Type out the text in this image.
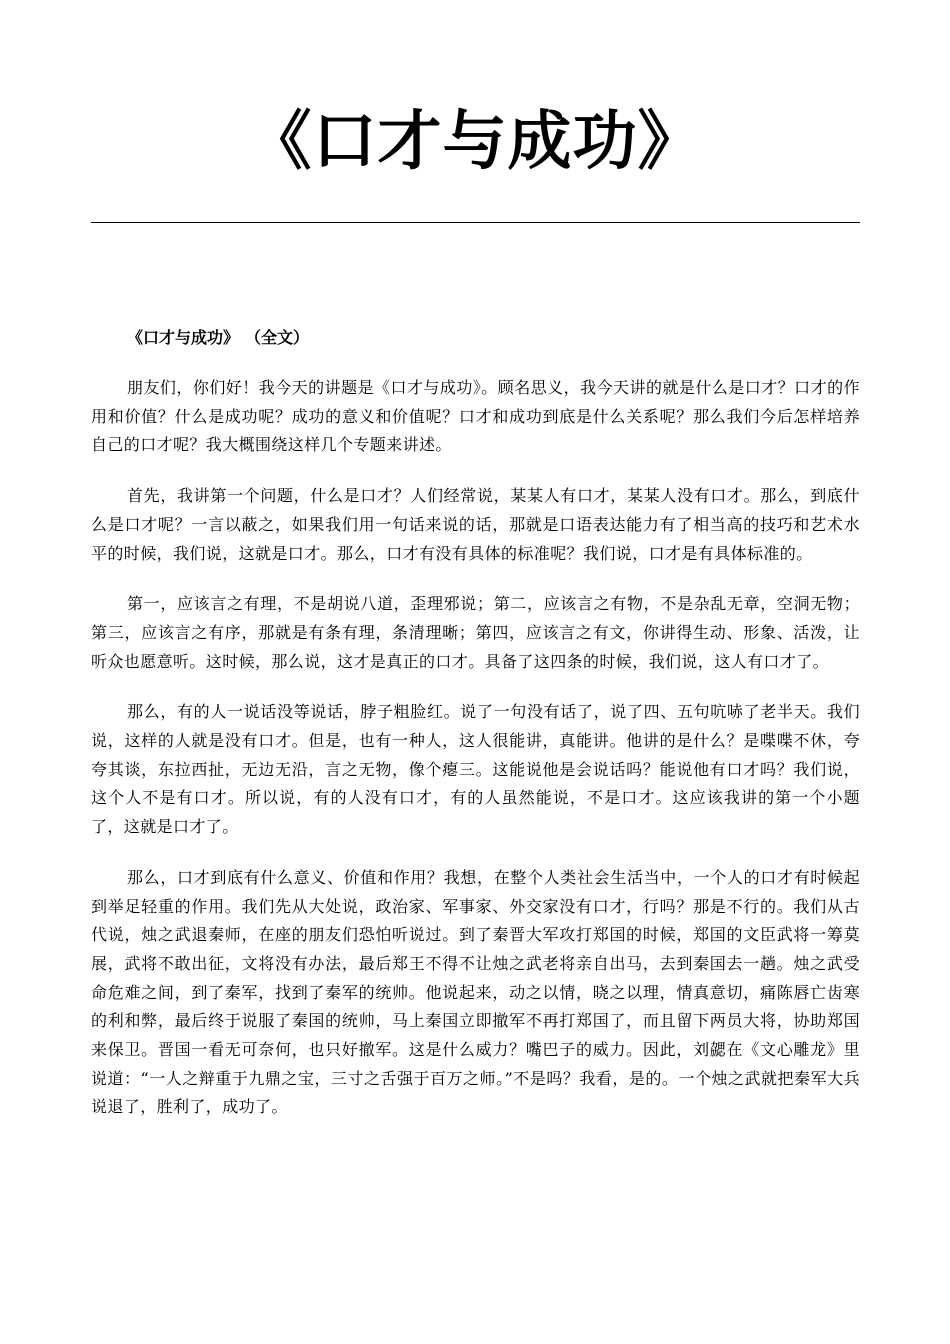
《口才与成功》
《口才与成功》 （全文）

朋友们，你们好！我今天的讲题是《口才与成功》。顾名思义，我今天讲的就是什么是口才？口才的作用和价值？什么是成功呢？成功的意义和价值呢？口才和成功到底是什么关系呢？那么我们今后怎样培养自己的口才呢？我大概围绕这样几个专题来讲述。

首先，我讲第一个问题，什么是口才？人们经常说，某某人有口才，某某人没有口才。那么，到底什么是口才呢？一言以蔽之，如果我们用一句话来说的话，那就是口语表达能力有了相当高的技巧和艺术水平的时候，我们说，这就是口才。那么，口才有没有具体的标准呢？我们说，口才是有具体标准的。

第一，应该言之有理，不是胡说八道，歪理邪说；第二，应该言之有物，不是杂乱无章，空洞无物；第三，应该言之有序，那就是有条有理，条清理晰；第四，应该言之有文，你讲得生动、形象、活泼，让听众也愿意听。这时候，那么说，这才是真正的口才。具备了这四条的时候，我们说，这人有口才了。

那么，有的人一说话没等说话，脖子粗脸红。说了一句没有话了，说了四、五句吭哧了老半天。我们说，这样的人就是没有口才。但是，也有一种人，这人很能讲，真能讲。他讲的是什么？是喋喋不休，夸夸其谈，东拉西扯，无边无沿，言之无物，像个瘪三。这能说他是会说话吗？能说他有口才吗？我们说，这个人不是有口才。所以说，有的人没有口才，有的人虽然能说，不是口才。这应该我讲的第一个小题了，这就是口才了。

那么，口才到底有什么意义、价值和作用？我想，在整个人类社会生活当中，一个人的口才有时候起到举足轻重的作用。我们先从大处说，政治家、军事家、外交家没有口才，行吗？那是不行的。我们从古代说，烛之武退秦师，在座的朋友们恐怕听说过。到了秦晋大军攻打郑国的时候，郑国的文臣武将一筹莫展，武将不敢出征，文将没有办法，最后郑王不得不让烛之武老将亲自出马，去到秦国去一趟。烛之武受命危难之间，到了秦军，找到了秦军的统帅。他说起来，动之以情，晓之以理，情真意切，痛陈唇亡齿寒的利和弊，最后终于说服了秦国的统帅，马上秦国立即撤军不再打郑国了，而且留下两员大将，协助郑国来保卫。晋国一看无可奈何，也只好撤军。这是什么威力？嘴巴子的威力。因此，刘勰在《文心雕龙》里说道：“一人之辩重于九鼎之宝，三寸之舌强于百万之师。”不是吗？我看，是的。一个烛之武就把秦军大兵说退了，胜利了，成功了。
